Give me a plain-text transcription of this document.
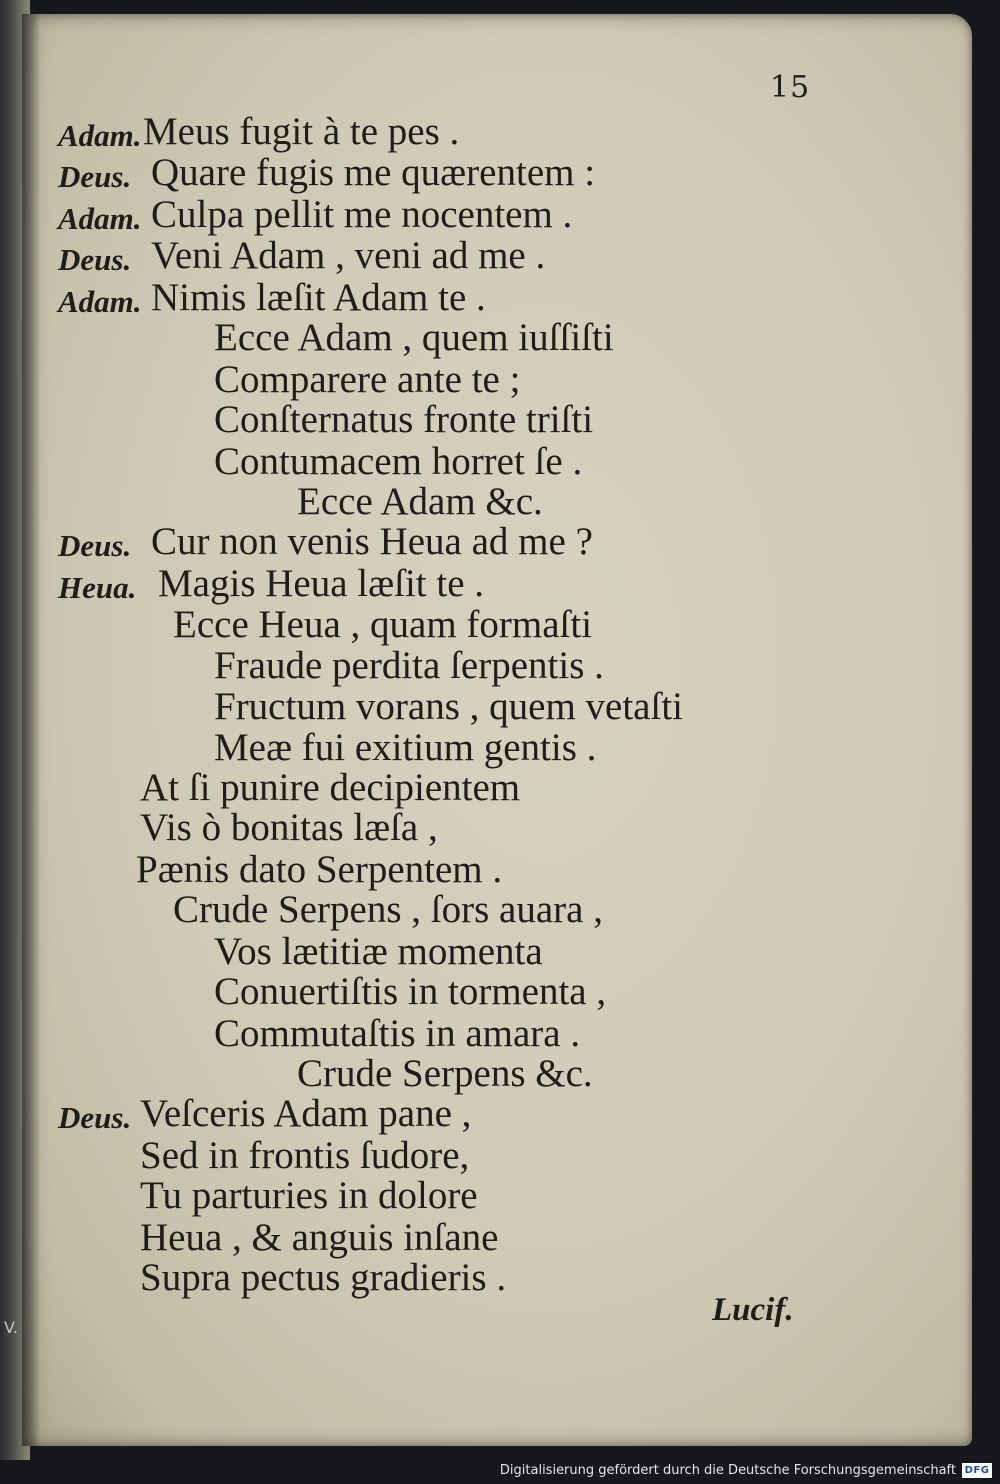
15
Adam. Meus fugit à te pes .
Deus. Quare fugis me quærentem :
Adam. Culpa pellit me nocentem .
Deus. Veni Adam , veni ad me .
Adam. Nimis læſit Adam te .
Ecce Adam , quem iuſſiſti
Comparere ante te ;
Conſternatus fronte triſti
Contumacem horret ſe .
Ecce Adam &c.
Deus. Cur non venis Heua ad me ?
Heua. Magis Heua læſit te .
Ecce Heua , quam formaſti
Fraude perdita ſerpentis .
Fructum vorans , quem vetaſti
Meæ fui exitium gentis .
At ſi punire decipientem
Vis ò bonitas læſa ,
Pænis dato Serpentem .
Crude Serpens , ſors auara ,
Vos lætitiæ momenta
Conuertiſtis in tormenta ,
Commutaſtis in amara .
Crude Serpens &c.
Deus. Veſceris Adam pane ,
Sed in frontis ſudore,
Tu parturies in dolore
Heua , & anguis inſane
Supra pectus gradieris .
Lucif.
V.
Digitalisierung gefördert durch die Deutsche Forschungsgemeinschaft DFG
